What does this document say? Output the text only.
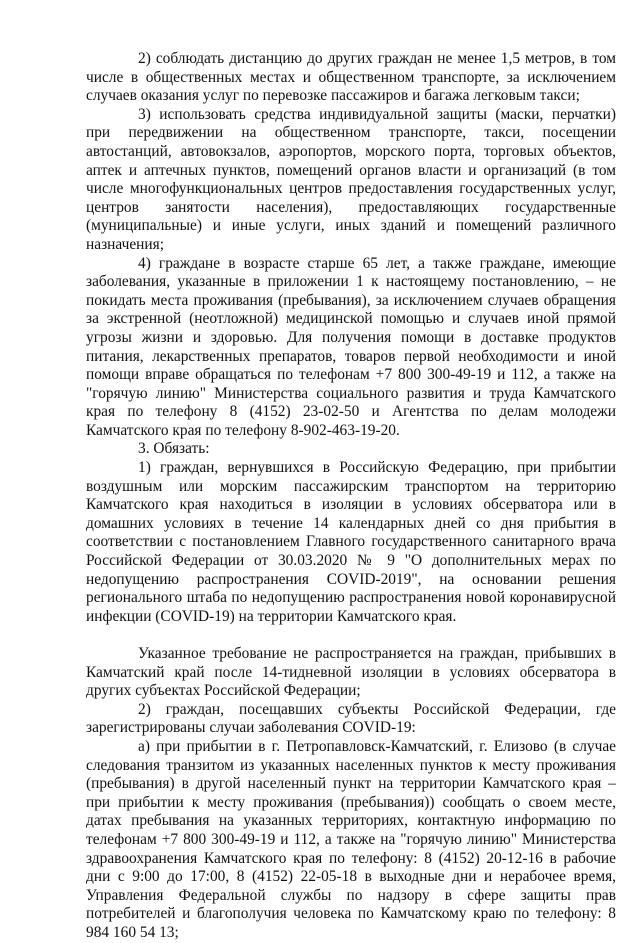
2) соблюдать дистанцию до других граждан не менее 1,5 метров, в том числе в общественных местах и общественном транспорте, за исключением случаев оказания услуг по перевозке пассажиров и багажа легковым такси;

3) использовать средства индивидуальной защиты (маски, перчатки) при передвижении на общественном транспорте, такси, посещении автостанций, автовокзалов, аэропортов, морского порта, торговых объектов, аптек и аптечных пунктов, помещений органов власти и организаций (в том числе многофункциональных центров предоставления государственных услуг, центров занятости населения), предоставляющих государственные (муниципальные) и иные услуги, иных зданий и помещений различного назначения;

4) граждане в возрасте старше 65 лет, а также граждане, имеющие заболевания, указанные в приложении 1 к настоящему постановлению, – не покидать места проживания (пребывания), за исключением случаев обращения за экстренной (неотложной) медицинской помощью и случаев иной прямой угрозы жизни и здоровью. Для получения помощи в доставке продуктов питания, лекарственных препаратов, товаров первой необходимости и иной помощи вправе обращаться по телефонам +7 800 300-49-19 и 112, а также на "горячую линию" Министерства социального развития и труда Камчатского края по телефону 8 (4152) 23-02-50 и Агентства по делам молодежи Камчатского края по телефону 8-902-463-19-20.

3. Обязать:

1) граждан, вернувшихся в Российскую Федерацию, при прибытии воздушным или морским пассажирским транспортом на территорию Камчатского края находиться в изоляции в условиях обсерватора или в домашних условиях в течение 14 календарных дней со дня прибытия в соответствии с постановлением Главного государственного санитарного врача Российской Федерации от 30.03.2020 № 9 "О дополнительных мерах по недопущению распространения COVID-2019", на основании решения регионального штаба по недопущению распространения новой коронавирусной инфекции (COVID-19) на территории Камчатского края.

Указанное требование не распространяется на граждан, прибывших в Камчатский край после 14-тидневной изоляции в условиях обсерватора в других субъектах Российской Федерации;

2) граждан, посещавших субъекты Российской Федерации, где зарегистрированы случаи заболевания COVID-19:

а) при прибытии в г. Петропавловск-Камчатский, г. Елизово (в случае следования транзитом из указанных населенных пунктов к месту проживания (пребывания) в другой населенный пункт на территории Камчатского края – при прибытии к месту проживания (пребывания)) сообщать о своем месте, датах пребывания на указанных территориях, контактную информацию по телефонам +7 800 300-49-19 и 112, а также на "горячую линию" Министерства здравоохранения Камчатского края по телефону: 8 (4152) 20-12-16 в рабочие дни с 9:00 до 17:00, 8 (4152) 22-05-18 в выходные дни и нерабочее время, Управления Федеральной службы по надзору в сфере защиты прав потребителей и благополучия человека по Камчатскому краю по телефону: 8 984 160 54 13;
